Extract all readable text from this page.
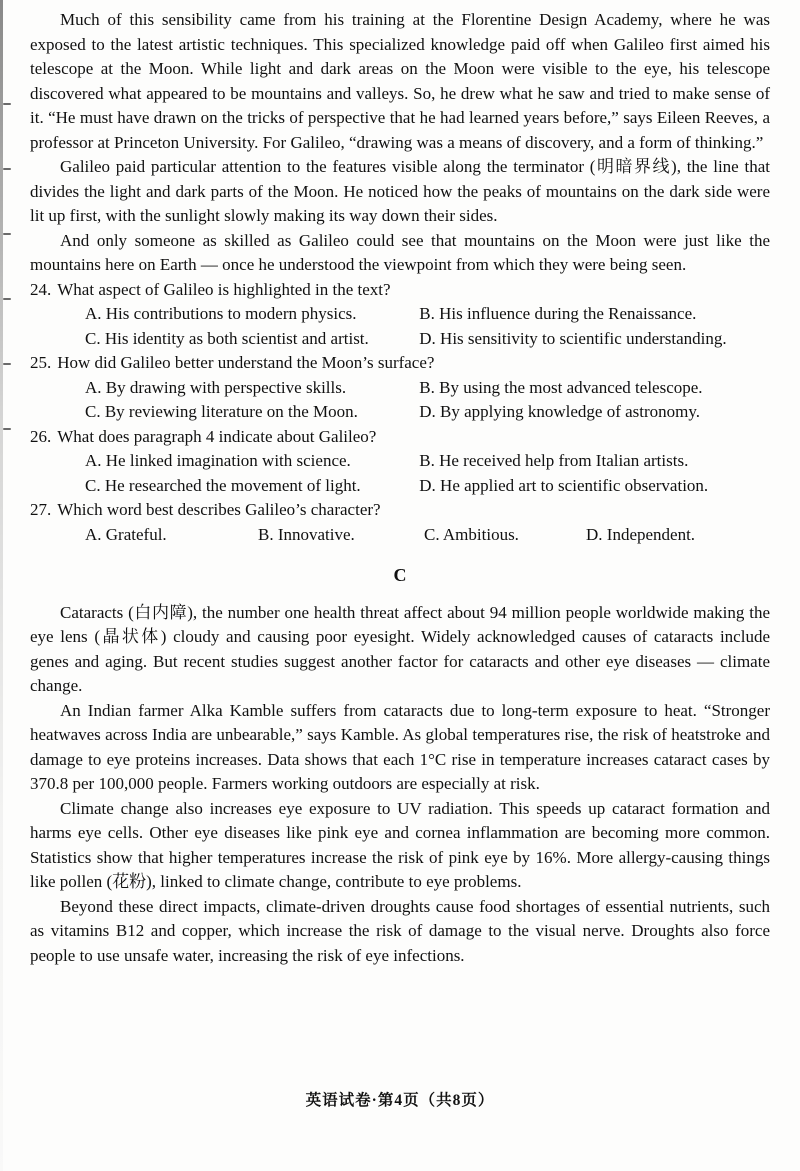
Much of this sensibility came from his training at the Florentine Design Academy, where he was exposed to the latest artistic techniques. This specialized knowledge paid off when Galileo first aimed his telescope at the Moon. While light and dark areas on the Moon were visible to the eye, his telescope discovered what appeared to be mountains and valleys. So, he drew what he saw and tried to make sense of it. “He must have drawn on the tricks of perspective that he had learned years before,” says Eileen Reeves, a professor at Princeton University. For Galileo, “drawing was a means of discovery, and a form of thinking.”

Galileo paid particular attention to the features visible along the terminator (明暗界线), the line that divides the light and dark parts of the Moon. He noticed how the peaks of mountains on the dark side were lit up first, with the sunlight slowly making its way down their sides.

And only someone as skilled as Galileo could see that mountains on the Moon were just like the mountains here on Earth — once he understood the viewpoint from which they were being seen.

24. What aspect of Galileo is highlighted in the text?

A. His contributions to modern physics.	B. His influence during the Renaissance.
C. His identity as both scientist and artist.	D. His sensitivity to scientific understanding.

25. How did Galileo better understand the Moon’s surface?

A. By drawing with perspective skills.	B. By using the most advanced telescope.
C. By reviewing literature on the Moon.	D. By applying knowledge of astronomy.

26. What does paragraph 4 indicate about Galileo?

A. He linked imagination with science.	B. He received help from Italian artists.
C. He researched the movement of light.	D. He applied art to scientific observation.

27. Which word best describes Galileo’s character?

A. Grateful.	B. Innovative.	C. Ambitious.	D. Independent.
C

Cataracts (白内障), the number one health threat affect about 94 million people worldwide making the eye lens (晶状体) cloudy and causing poor eyesight. Widely acknowledged causes of cataracts include genes and aging. But recent studies suggest another factor for cataracts and other eye diseases — climate change.

An Indian farmer Alka Kamble suffers from cataracts due to long-term exposure to heat. “Stronger heatwaves across India are unbearable,” says Kamble. As global temperatures rise, the risk of heatstroke and damage to eye proteins increases. Data shows that each 1°C rise in temperature increases cataract cases by 370.8 per 100,000 people. Farmers working outdoors are especially at risk.

Climate change also increases eye exposure to UV radiation. This speeds up cataract formation and harms eye cells. Other eye diseases like pink eye and cornea inflammation are becoming more common. Statistics show that higher temperatures increase the risk of pink eye by 16%. More allergy-causing things like pollen (花粉), linked to climate change, contribute to eye problems.

Beyond these direct impacts, climate-driven droughts cause food shortages of essential nutrients, such as vitamins B12 and copper, which increase the risk of damage to the visual nerve. Droughts also force people to use unsafe water, increasing the risk of eye infections.

英语试卷·第4页（共8页）
